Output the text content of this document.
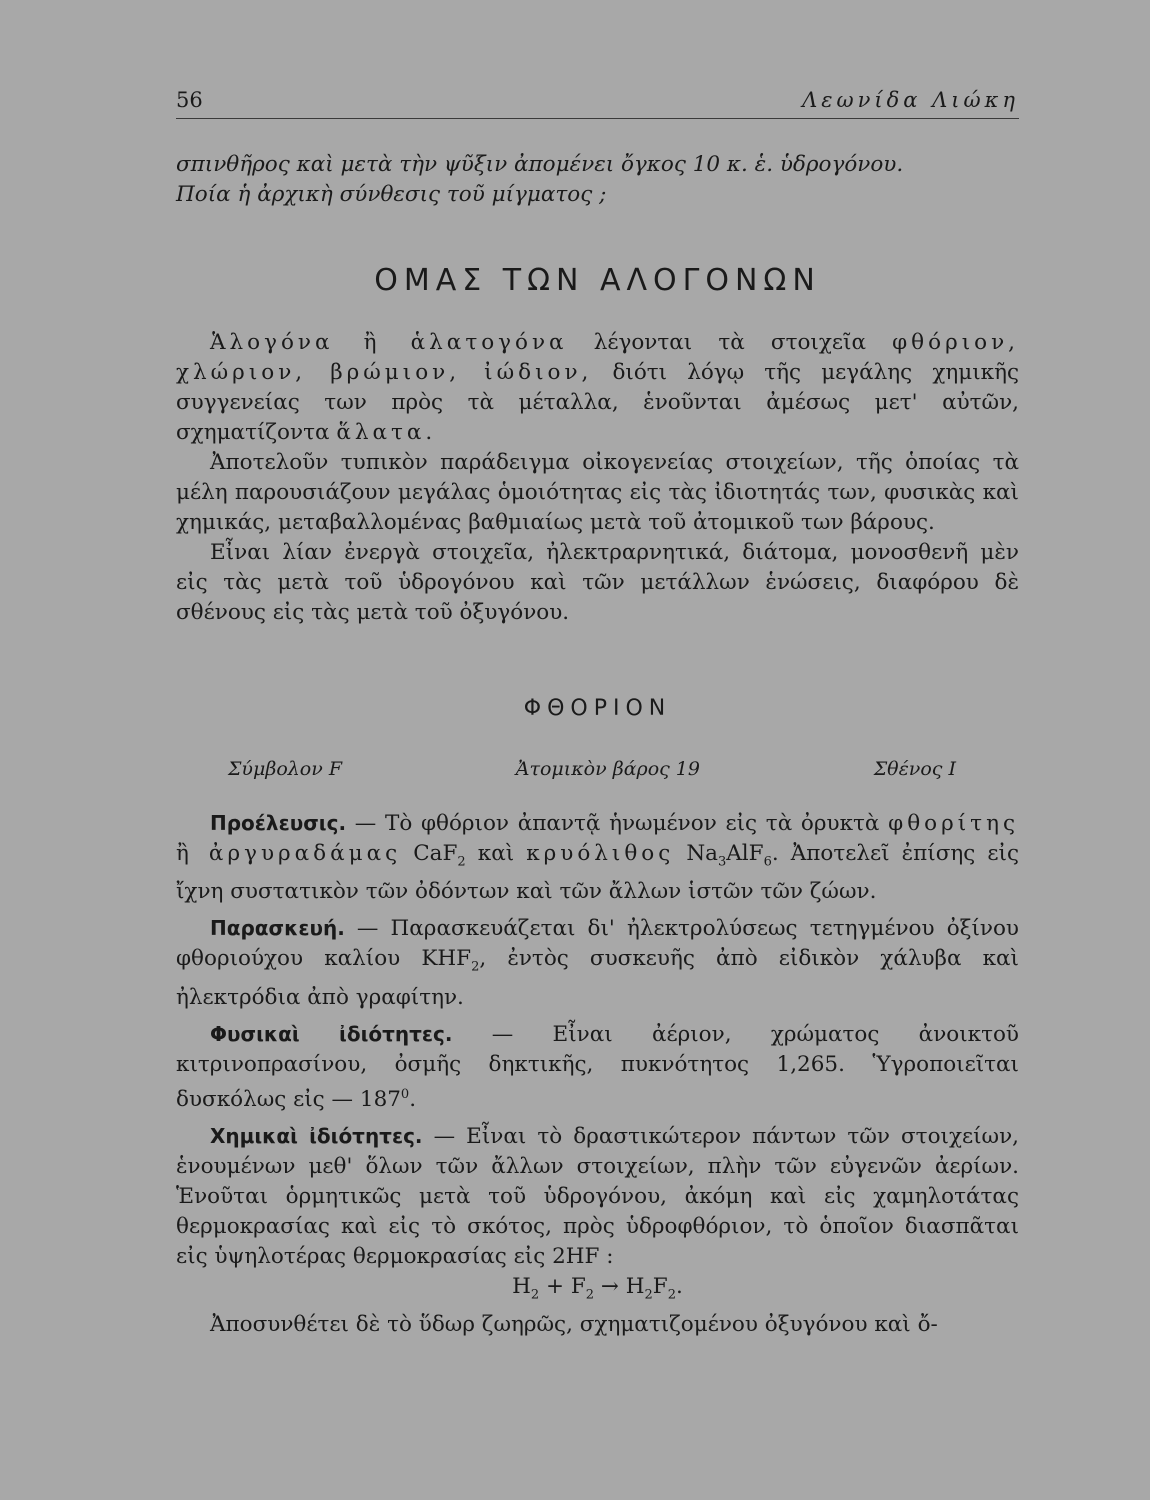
56	Λεωνίδα Λιώκη
σπινθῆρος καὶ μετὰ τὴν ψῦξιν ἀπομένει ὄγκος 10 κ. ἑ. ὑδρογόνου.
Ποία ἡ ἀρχικὴ σύνθεσις τοῦ μίγματος ;
ΟΜΑΣ ΤΩΝ ΑΛΟΓΟΝΩΝ

Ἁλογόνα ἢ ἁλατογόνα λέγονται τὰ στοιχεῖα φθόριον, χλώριον, βρώμιον, ἰώδιον, διότι λόγῳ τῆς μεγάλης χημικῆς συγγενείας των πρὸς τὰ μέταλλα, ἑνοῦνται ἀμέσως μετ' αὐτῶν, σχηματίζοντα ἅλατα.

Ἀποτελοῦν τυπικὸν παράδειγμα οἰκογενείας στοιχείων, τῆς ὁποίας τὰ μέλη παρουσιάζουν μεγάλας ὁμοιότητας εἰς τὰς ἰδιοτητάς των, φυσικὰς καὶ χημικάς, μεταβαλλομένας βαθμιαίως μετὰ τοῦ ἀτομικοῦ των βάρους.

Εἶναι λίαν ἐνεργὰ στοιχεῖα, ἠλεκτραρνητικά, διάτομα, μονοσθενῆ μὲν εἰς τὰς μετὰ τοῦ ὑδρογόνου καὶ τῶν μετάλλων ἑνώσεις, διαφόρου δὲ σθένους εἰς τὰς μετὰ τοῦ ὀξυγόνου.

ΦΘΟΡΙΟΝ
Σύμβολον F	Ἀτομικὸν βάρος 19	Σθένος I

Προέλευσις. — Τὸ φθόριον ἀπαντᾷ ἡνωμένον εἰς τὰ ὀρυκτὰ φθορίτης ἢ ἀργυραδάμας CaF$_2$ καὶ κρυόλιθος $Na_3AlF_6$. Ἀποτελεῖ ἐπίσης εἰς ἴχνη συστατικὸν τῶν ὀδόντων καὶ τῶν ἄλλων ἱστῶν τῶν ζώων.

Παρασκευή. — Παρασκευάζεται δι' ἠλεκτρολύσεως τετηγμένου ὀξίνου φθοριούχου καλίου $KHF_2$, ἐντὸς συσκευῆς ἀπὸ εἰδικὸν χάλυβα καὶ ἠλεκτρόδια ἀπὸ γραφίτην.

Φυσικαὶ ἰδιότητες. — Εἶναι ἀέριον, χρώματος ἀνοικτοῦ κιτρινοπρασίνου, ὀσμῆς δηκτικῆς, πυκνότητος 1,265. Ὑγροποιεῖται δυσκόλως εἰς — $187^0$.

Χημικαὶ ἰδιότητες. — Εἶναι τὸ δραστικώτερον πάντων τῶν στοιχείων, ἑνουμένων μεθ' ὅλων τῶν ἄλλων στοιχείων, πλὴν τῶν εὐγενῶν ἀερίων. Ἑνοῦται ὁρμητικῶς μετὰ τοῦ ὑδρογόνου, ἀκόμη καὶ εἰς χαμηλοτάτας θερμοκρασίας καὶ εἰς τὸ σκότος, πρὸς ὑδροφθόριον, τὸ ὁποῖον διασπᾶται εἰς ὑψηλοτέρας θερμοκρασίας εἰς 2HF :

$H_2 + F_2 \to H_2F_2$.

Ἀποσυνθέτει δὲ τὸ ὕδωρ ζωηρῶς, σχηματιζομένου ὀξυγόνου καὶ ὄ-
